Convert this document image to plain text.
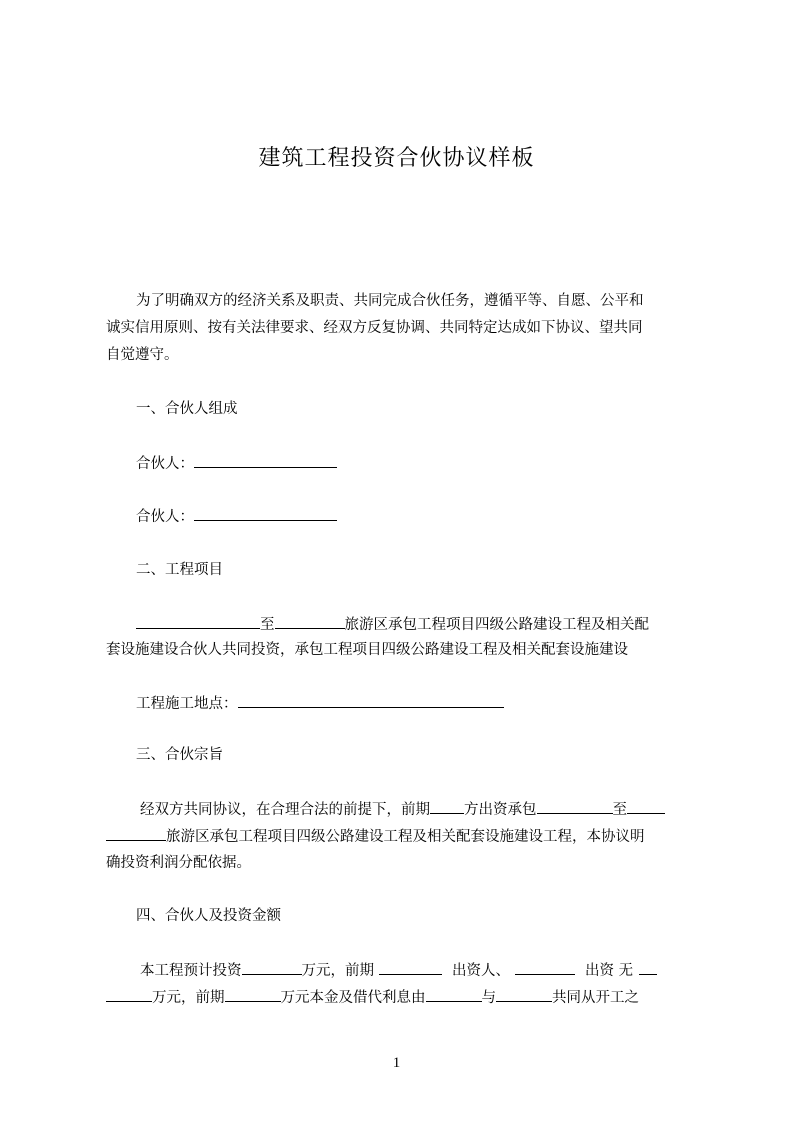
建筑工程投资合伙协议样板
为了明确双方的经济关系及职责、共同完成合伙任务，遵循平等、自愿、公平和
诚实信用原则、按有关法律要求、经双方反复协调、共同特定达成如下协议、望共同
自觉遵守。
一、合伙人组成
合伙人：
合伙人：
二、工程项目
至	旅游区承包工程项目四级公路建设工程及相关配
套设施建设合伙人共同投资，承包工程项目四级公路建设工程及相关配套设施建设
工程施工地点：
三、合伙宗旨
经双方共同协议，在合理合法的前提下，前期 方出资承包	至
旅游区承包工程项目四级公路建设工程及相关配套设施建设工程，本协议明
确投资利润分配依据。
四、合伙人及投资金额
本工程预计投资	万元，前期	出资人、	出资 无
万元，前期	万元本金及借代利息由	与	共同从开工之
1
